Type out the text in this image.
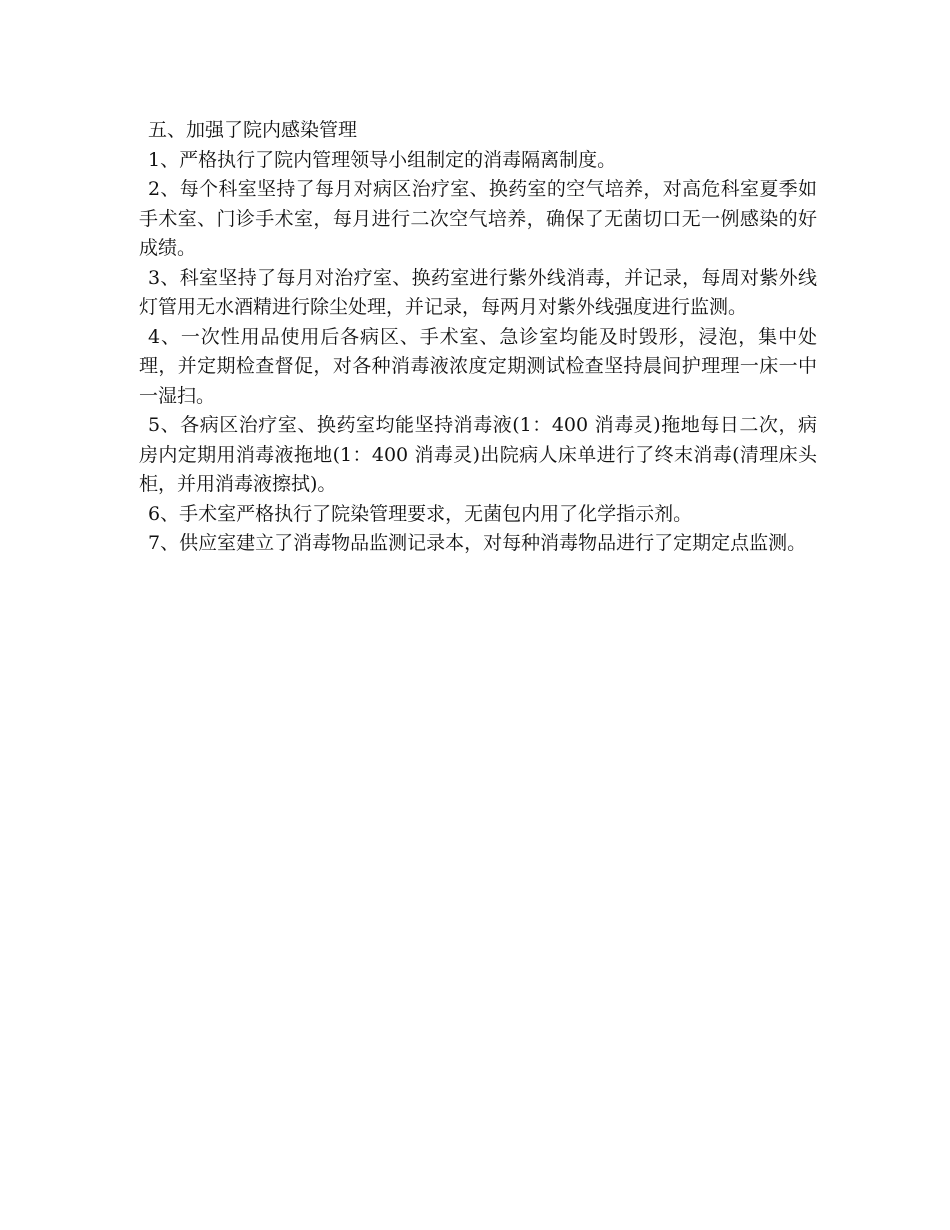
五、加强了院内感染管理

1、严格执行了院内管理领导小组制定的消毒隔离制度。

2、每个科室坚持了每月对病区治疗室、换药室的空气培养，对高危科室夏季如手术室、门诊手术室，每月进行二次空气培养，确保了无菌切口无一例感染的好成绩。

3、科室坚持了每月对治疗室、换药室进行紫外线消毒，并记录，每周对紫外线灯管用无水酒精进行除尘处理，并记录，每两月对紫外线强度进行监测。

4、一次性用品使用后各病区、手术室、急诊室均能及时毁形，浸泡，集中处理，并定期检查督促，对各种消毒液浓度定期测试检查坚持晨间护理理一床一中一湿扫。

5、各病区治疗室、换药室均能坚持消毒液(1：400 消毒灵)拖地每日二次，病房内定期用消毒液拖地(1：400 消毒灵)出院病人床单进行了终末消毒(清理床头柜，并用消毒液擦拭)。

6、手术室严格执行了院染管理要求，无菌包内用了化学指示剂。

7、供应室建立了消毒物品监测记录本，对每种消毒物品进行了定期定点监测。
